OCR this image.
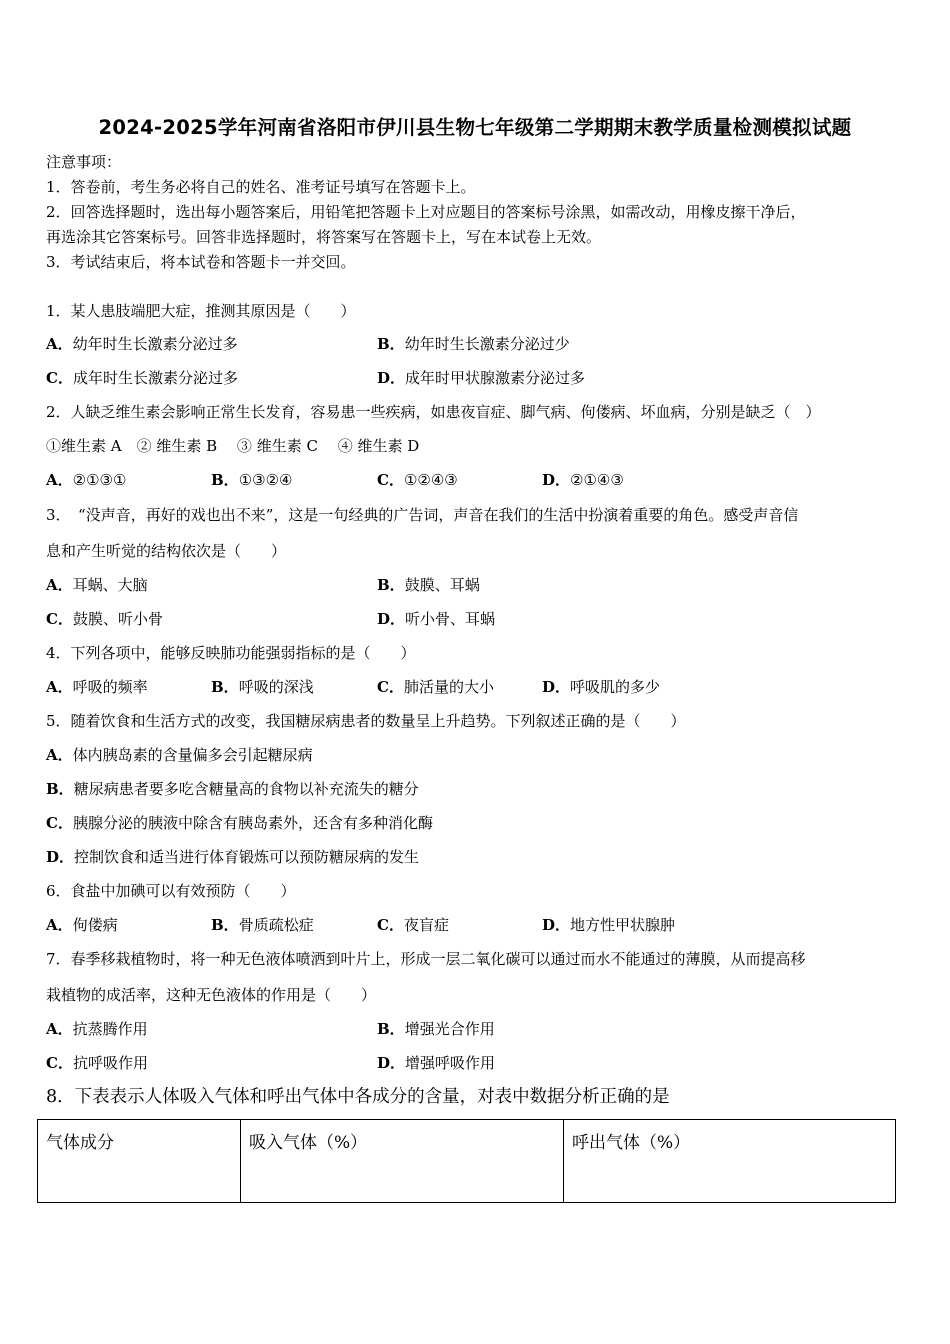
2024-2025学年河南省洛阳市伊川县生物七年级第二学期期末教学质量检测模拟试题
注意事项：
1．答卷前，考生务必将自己的姓名、准考证号填写在答题卡上。
2．回答选择题时，选出每小题答案后，用铅笔把答题卡上对应题目的答案标号涂黑，如需改动，用橡皮擦干净后，
再选涂其它答案标号。回答非选择题时，将答案写在答题卡上，写在本试卷上无效。
3．考试结束后，将本试卷和答题卡一并交回。
1．某人患肢端肥大症，推测其原因是（　　）
A．幼年时生长激素分泌过多	B．幼年时生长激素分泌过少
C．成年时生长激素分泌过多	D．成年时甲状腺激素分泌过多
2．人缺乏维生素会影响正常生长发育，容易患一些疾病，如患夜盲症、脚气病、佝偻病、坏血病，分别是缺乏（　）
①维生素 A　② 维生素 B　 ③ 维生素 C　 ④ 维生素 D
A．②①③①	B．①③②④	C．①②④③	D．②①④③
3．　“没声音，再好的戏也出不来”，这是一句经典的广告词，声音在我们的生活中扮演着重要的角色。感受声音信
息和产生听觉的结构依次是（　　）
A．耳蜗、大脑	B．鼓膜、耳蜗
C．鼓膜、听小骨	D．听小骨、耳蜗
4．下列各项中，能够反映肺功能强弱指标的是（　　）
A．呼吸的频率	B．呼吸的深浅	C．肺活量的大小	D．呼吸肌的多少
5．随着饮食和生活方式的改变，我国糖尿病患者的数量呈上升趋势。下列叙述正确的是（　　）
A．体内胰岛素的含量偏多会引起糖尿病
B．糖尿病患者要多吃含糖量高的食物以补充流失的糖分
C．胰腺分泌的胰液中除含有胰岛素外，还含有多种消化酶
D．控制饮食和适当进行体育锻炼可以预防糖尿病的发生
6．食盐中加碘可以有效预防（　　）
A．佝偻病	B．骨质疏松症	C．夜盲症	D．地方性甲状腺肿
7．春季移栽植物时，将一种无色液体喷洒到叶片上，形成一层二氧化碳可以通过而水不能通过的薄膜，从而提高移
栽植物的成活率，这种无色液体的作用是（　　）
A．抗蒸腾作用	B．增强光合作用
C．抗呼吸作用	D．增强呼吸作用
8．下表表示人体吸入气体和呼出气体中各成分的含量，对表中数据分析正确的是
气体成分	吸入气体（%）	呼出气体（%）
